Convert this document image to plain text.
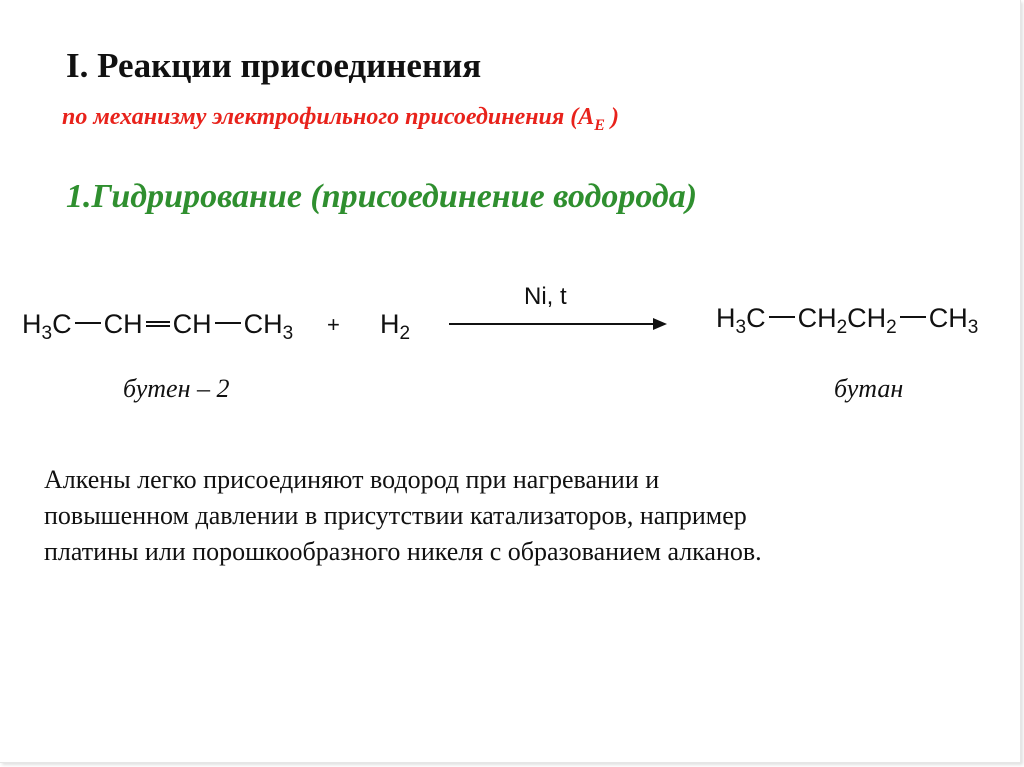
I. Реакции присоединения
по механизму электрофильного присоединения ($A_E$ )
1.Гидрирование (присоединение водорода)
$H_3C$ CH CH $CH_3 + H_2$
Ni, t
$H_3C$ $CH_2CH_2$ $CH_3$
бутен – 2	бутан
Алкены легко присоединяют водород при нагревании и
повышенном давлении в присутствии катализаторов, например
платины или порошкообразного никеля с образованием алканов.
